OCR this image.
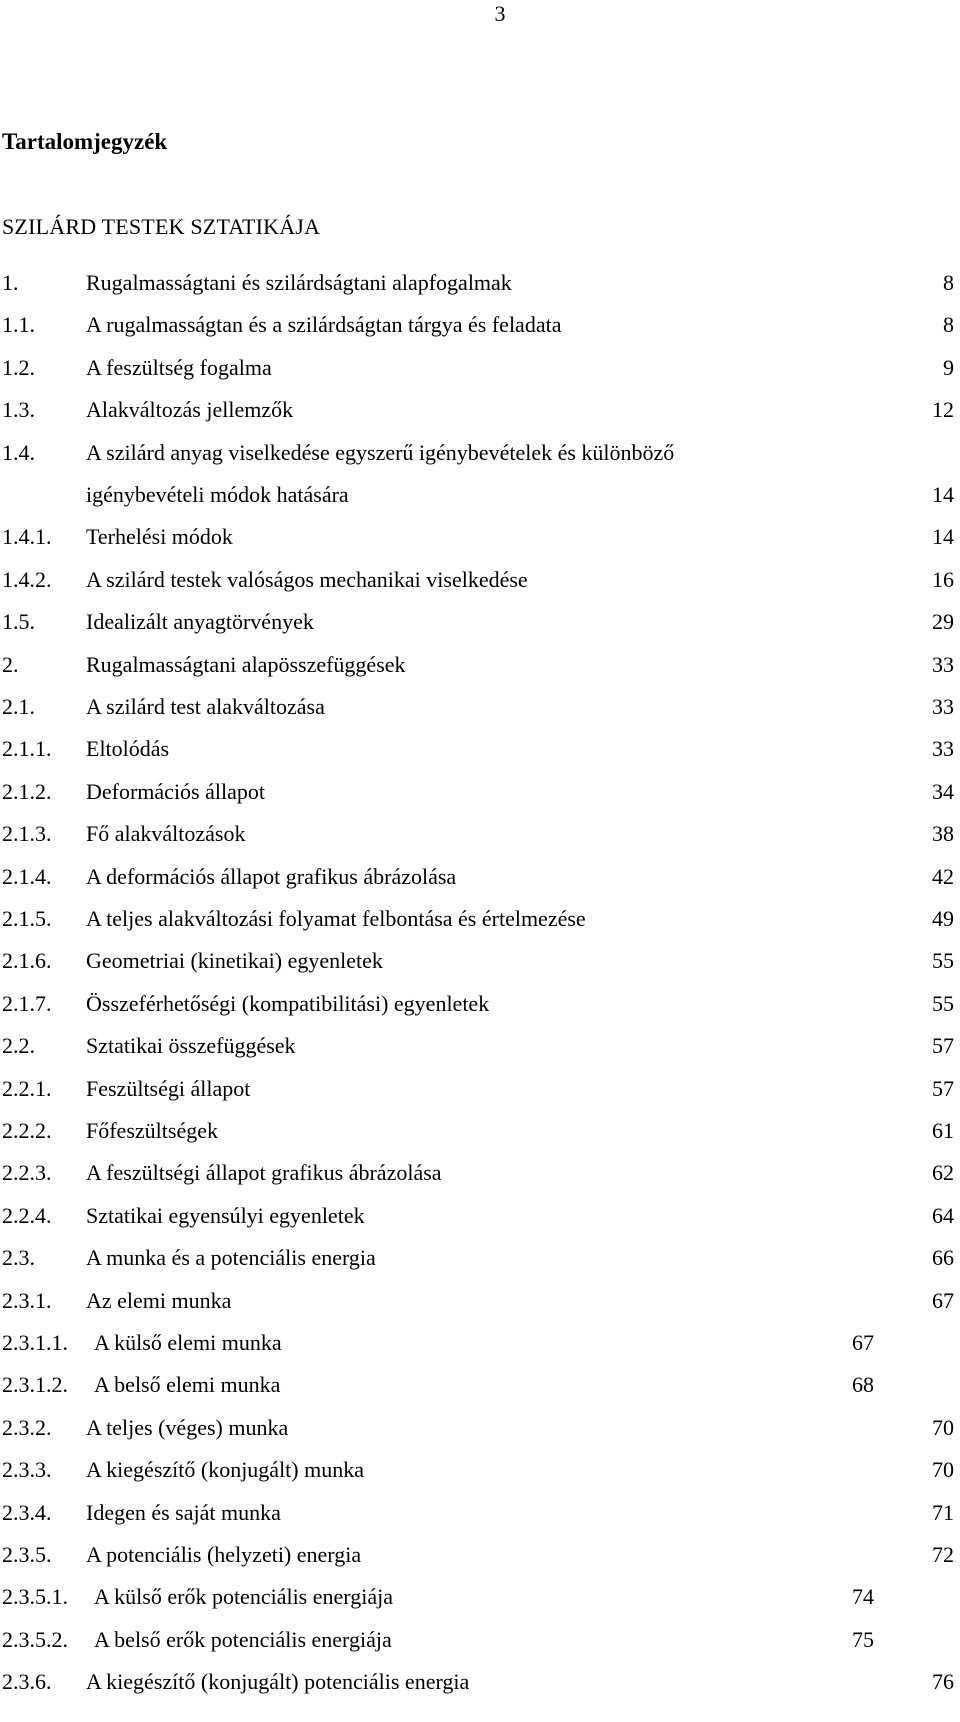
3
Tartalomjegyzék
SZILÁRD TESTEK SZTATIKÁJA
1.	Rugalmasságtani és szilárdságtani alapfogalmak	8
1.1. A rugalmasságtan és a szilárdságtan tárgya és feladata	8
1.2. A feszültség fogalma	9
1.3. Alakváltozás jellemzők	12
1.4. A szilárd anyag viselkedése egyszerű igénybevételek és különböző
igénybevételi módok hatására	14
1.4.1. Terhelési módok	14
1.4.2. A szilárd testek valóságos mechanikai viselkedése	16
1.5. Idealizált anyagtörvények	29
2.	Rugalmasságtani alapösszefüggések	33
2.1. A szilárd test alakváltozása	33
2.1.1. Eltolódás	33
2.1.2. Deformációs állapot	34
2.1.3. Fő alakváltozások	38
2.1.4. A deformációs állapot grafikus ábrázolása	42
2.1.5. A teljes alakváltozási folyamat felbontása és értelmezése	49
2.1.6. Geometriai (kinetikai) egyenletek	55
2.1.7. Összeférhetőségi (kompatibilitási) egyenletek	55
2.2. Sztatikai összefüggések	57
2.2.1. Feszültségi állapot	57
2.2.2. Főfeszültségek	61
2.2.3. A feszültségi állapot grafikus ábrázolása	62
2.2.4. Sztatikai egyensúlyi egyenletek	64
2.3. A munka és a potenciális energia	66
2.3.1. Az elemi munka	67
2.3.1.1. A külső elemi munka	67
2.3.1.2. A belső elemi munka	68
2.3.2. A teljes (véges) munka	70
2.3.3. A kiegészítő (konjugált) munka	70
2.3.4. Idegen és saját munka	71
2.3.5. A potenciális (helyzeti) energia	72
2.3.5.1. A külső erők potenciális energiája	74
2.3.5.2. A belső erők potenciális energiája	75
2.3.6. A kiegészítő (konjugált) potenciális energia	76
